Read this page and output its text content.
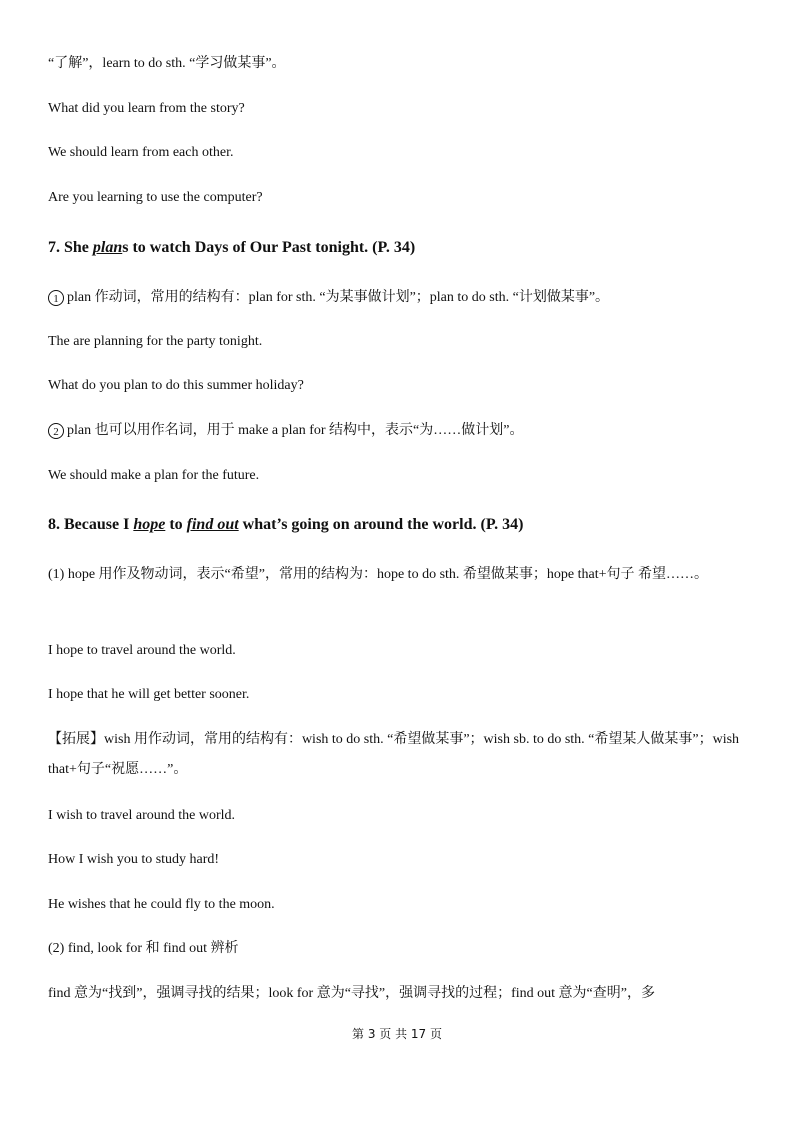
“了解”，learn to do sth. “学习做某事”。
What did you learn from the story?
We should learn from each other.
Are you learning to use the computer?
7. She plans to watch Days of Our Past tonight. (P. 34)
1 plan 作动词，常用的结构有：plan for sth. “为某事做计划”；plan to do sth. “计划做某事”。
The are planning for the party tonight.
What do you plan to do this summer holiday?
2 plan 也可以用作名词，用于 make a plan for 结构中，表示“为……做计划”。
We should make a plan for the future.
8. Because I hope to find out what’s going on around the world. (P. 34)
(1) hope 用作及物动词，表示“希望”，常用的结构为：hope to do sth. 希望做某事；hope that+句子 希望……。
I hope to travel around the world.
I hope that he will get better sooner.
【拓展】wish 用作动词，常用的结构有：wish to do sth. “希望做某事”；wish sb. to do sth. “希望某人做某事”；wish that+句子“祝愿……”。
I wish to travel around the world.
How I wish you to study hard!
He wishes that he could fly to the moon.
(2) find, look for 和 find out 辨析
find 意为“找到”，强调寻找的结果；look for 意为“寻找”，强调寻找的过程；find out 意为“查明”，多
第 3 页 共 17 页
